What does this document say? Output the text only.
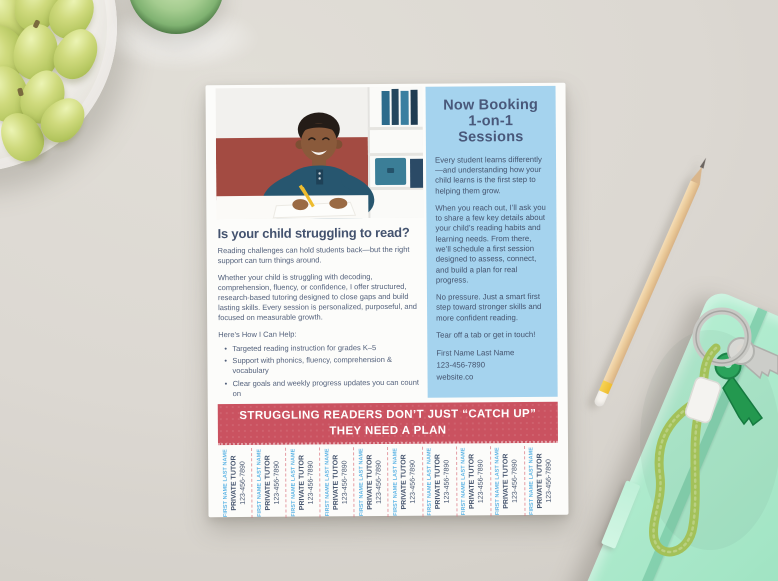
Is your child struggling to read?

Reading challenges can hold students back—but the right support can turn things around.

Whether your child is struggling with decoding, comprehension, fluency, or confidence, I offer structured, research-based tutoring designed to close gaps and build lasting skills. Every session is personalized, purposeful, and focused on measurable growth.

Here’s How I Can Help:

• Targeted reading instruction for grades K–5
• Support with phonics, fluency, comprehension & vocabulary
• Clear goals and weekly progress updates you can count on
Now Booking 1-on-1 Sessions

Every student learns differently—and understanding how your child learns is the first step to helping them grow.

When you reach out, I’ll ask you to share a few key details about your child’s reading habits and learning needs. From there, we’ll schedule a first session designed to assess, connect, and build a plan for real progress.

No pressure. Just a smart first step toward stronger skills and more confident reading.

Tear off a tab or get in touch!

First Name Last Name
123-456-7890
website.co
STRUGGLING READERS DON’T JUST “CATCH UP”
THEY NEED A PLAN
FIRST NAME LAST NAME PRIVATE TUTOR 123-456-7890 FIRST NAME LAST NAME PRIVATE TUTOR 123-456-7890 FIRST NAME LAST NAME PRIVATE TUTOR 123-456-7890 FIRST NAME LAST NAME PRIVATE TUTOR 123-456-7890 FIRST NAME LAST NAME PRIVATE TUTOR 123-456-7890 FIRST NAME LAST NAME PRIVATE TUTOR 123-456-7890 FIRST NAME LAST NAME PRIVATE TUTOR 123-456-7890 FIRST NAME LAST NAME PRIVATE TUTOR 123-456-7890 FIRST NAME LAST NAME PRIVATE TUTOR 123-456-7890 FIRST NAME LAST NAME PRIVATE TUTOR 123-456-7890
